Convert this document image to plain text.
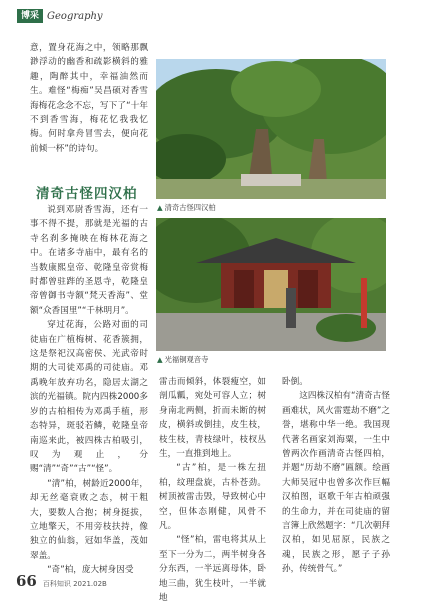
博采 Geography

意，置身花海之中，领略那飘渺浮动的幽香和疏影横斜的雅趣，陶醉其中，幸福油然而生。难怪“梅痴”吴昌硕对香雪海梅花念念不忘，写下了“十年不到香雪海，梅花忆我我忆梅。何时拿舟冒雪去，便向花前倾一杯”的诗句。

清奇古怪四汉柏

说到邓尉香雪海，还有一事不得不提，那就是光福的古寺名刹多掩映在梅林花海之中。在诸多寺庙中，最有名的当数康熙皇帝、乾隆皇帝赏梅时都曾驻跸的圣恩寺，乾隆皇帝曾御书寺额“梵天香海”、堂额“众香国里”“千林明月”。

穿过花海，公路对面的司徒庙在广植梅树、花香簇拥，这是祭祀汉高密侯、光武帝时期的大司徒邓禹的司徒庙。邓禹晚年放弃功名，隐居太湖之滨的光福镇。院内四株2000多岁的古柏相传为邓禹手植，形态特异，斑驳若鳞，乾隆皇帝南巡来此，被四株古柏吸引，叹为观止，分赐“清”“奇”“古”“怪”。

“清”柏，树龄近2000年，却无丝毫衰败之态，树干粗大，要数人合抱；树身挺拔，立地擎天，不用旁枝扶持，像独立的仙翁，冠如华盖，茂如翠盖。

“奇”柏，庞大树身因受

▲ 清奇古怪四汉柏
▲ 光福铜观音寺

雷击而倾斜，体裂瘦空，如剖瓜瓤，宛处可容人立；树身南北两侧，折而未断的树皮，横斜或倒挂，皮生枝，枝生枝，青枝绿叶，枝杈丛生，一直推到地上。

“古”柏，是一株左扭柏，纹理盘旋，古朴苍劲。树顶被雷击毁，导致树心中空，但体态刚健，风骨不凡。

“怪”柏，雷电将其从上至下一分为二，两半树身各分东西，一半远离母体，卧地三曲，犹生枝叶，一半就地

卧倒。

这四株汉柏有“清奇古怪画难状，风火雷霆劫不磨”之誉，堪称中华一绝。我国现代著名画家刘海粟，一生中曾两次作画清奇古怪四柏，并题“历劫不磨”匾额。绘画大师吴冠中也曾多次作巨幅汉柏图，讴歌千年古柏顽强的生命力，并在司徒庙的留言簿上欣然题字：“几次朝拜汉柏，如见屈原，民族之魂，民族之形，愿子子孙孙，传统骨气。”

66 百科知识 2021.02B
